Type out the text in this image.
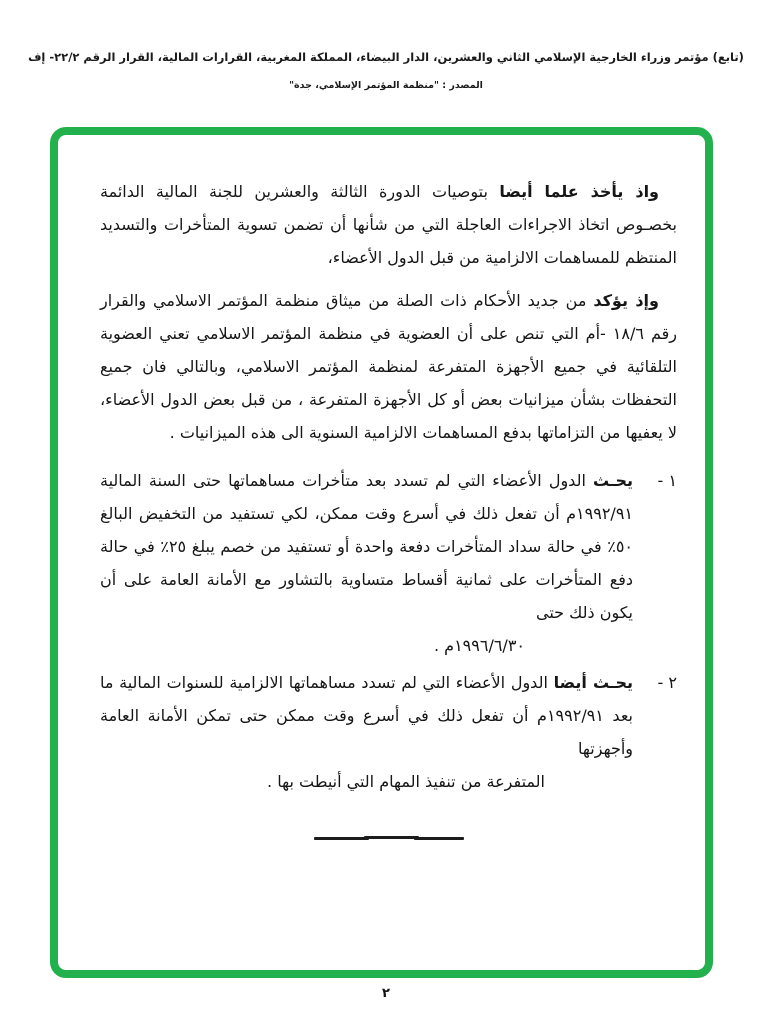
(تابع) مؤتمر وزراء الخارجية الإسلامي الثاني والعشرين، الدار البيضاء، المملكة المغربية، القرارات المالية، القرار الرقم ٢٢/٢- إف
المصدر : "منظمة المؤتمر الإسلامي، جدة"

واذ يأخذ علما أيضا بتوصيات الدورة الثالثة والعشرين للجنة المالية الدائمة بخصـوص اتخاذ الاجراءات العاجلة التي من شأنها أن تضمن تسوية المتأخرات والتسديد المنتظم للمساهمات الالزامية من قبل الدول الأعضاء،

وإذ يؤكد من جديد الأحكام ذات الصلة من ميثاق منظمة المؤتمر الاسلامي والقرار رقم ١٨/٦ -أم التي تنص على أن العضوية في منظمة المؤتمر الاسلامي تعني العضوية التلقائية في جميع الأجهزة المتفرعة لمنظمة المؤتمر الاسلامي، وبالتالي فان جميع التحفظات بشأن ميزانيات بعض أو كل الأجهزة المتفرعة ، من قبل بعض الدول الأعضاء، لا يعفيها من التزاماتها بدفع المساهمات الالزامية السنوية الى هذه الميزانيات .

١ -
يحـث الدول الأعضاء التي لم تسدد بعد متأخرات مساهماتها حتى السنة المالية ١٩٩٢/٩١م أن تفعل ذلك في أسرع وقت ممكن، لكي تستفيد من التخفيض البالغ ٥٠٪ في حالة سداد المتأخرات دفعة واحدة أو تستفيد من خصم يبلغ ٢٥٪ في حالة دفع المتأخرات على ثمانية أقساط متساوية بالتشاور مع الأمانة العامة على أن يكون ذلك حتى
١٩٩٦/٦/٣٠م .
٢ -
يحـث أيضا الدول الأعضاء التي لم تسدد مساهماتها الالزامية للسنوات المالية ما بعد ١٩٩٢/٩١م أن تفعل ذلك في أسرع وقت ممكن حتى تمكن الأمانة العامة وأجهزتها
المتفرعة من تنفيذ المهام التي أنيطت بها .
٢
